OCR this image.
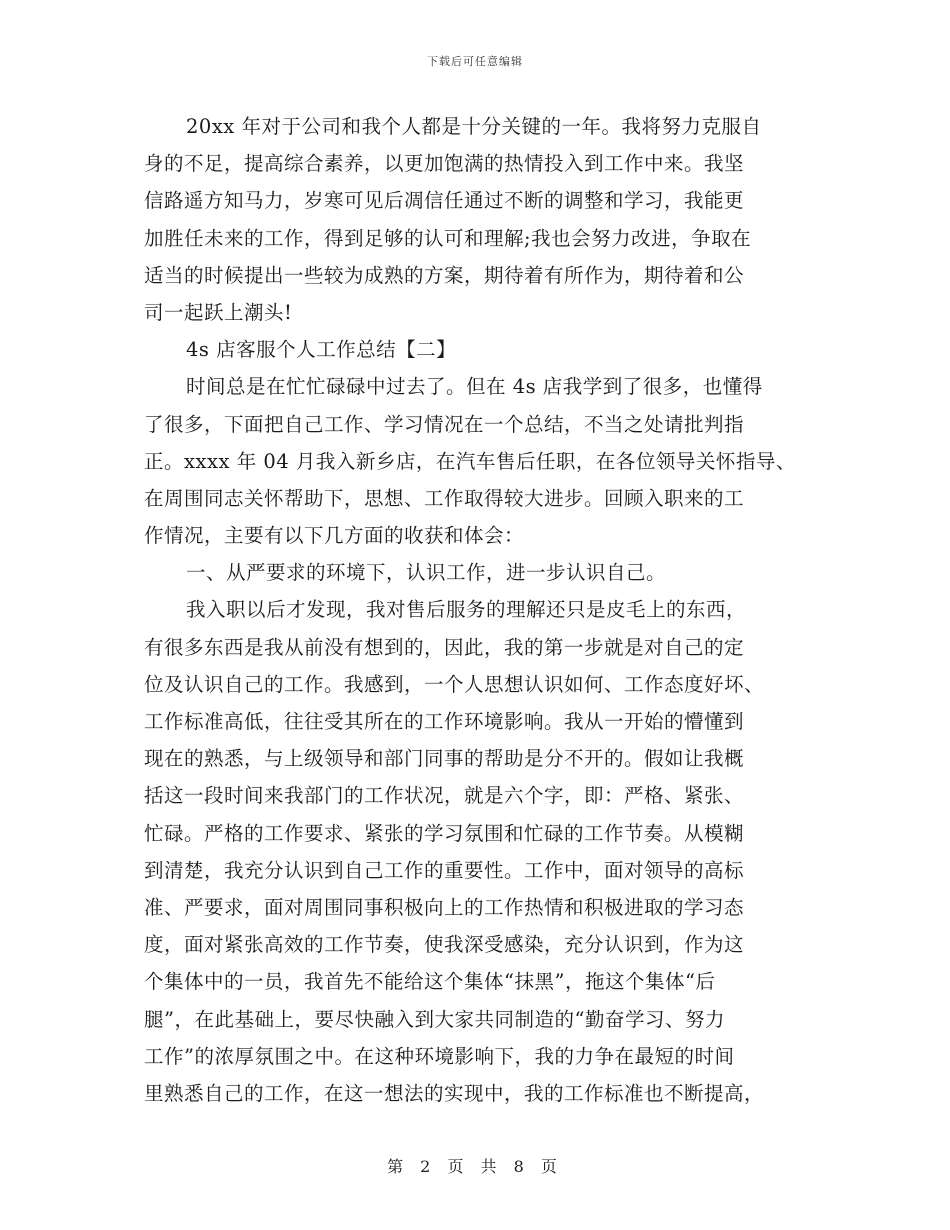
下载后可任意编辑
20xx 年对于公司和我个人都是十分关键的一年。我将努力克服自
身的不足，提高综合素养，以更加饱满的热情投入到工作中来。我坚
信路遥方知马力，岁寒可见后凋信任通过不断的调整和学习，我能更
加胜任未来的工作，得到足够的认可和理解;我也会努力改进，争取在
适当的时候提出一些较为成熟的方案，期待着有所作为，期待着和公
司一起跃上潮头!
4s 店客服个人工作总结【二】
时间总是在忙忙碌碌中过去了。但在 4s 店我学到了很多，也懂得
了很多，下面把自己工作、学习情况在一个总结，不当之处请批判指
正。xxxx 年 04 月我入新乡店，在汽车售后任职，在各位领导关怀指导、
在周围同志关怀帮助下，思想、工作取得较大进步。回顾入职来的工
作情况，主要有以下几方面的收获和体会：
一、从严要求的环境下，认识工作，进一步认识自己。
我入职以后才发现，我对售后服务的理解还只是皮毛上的东西，
有很多东西是我从前没有想到的，因此，我的第一步就是对自己的定
位及认识自己的工作。我感到，一个人思想认识如何、工作态度好坏、
工作标准高低，往往受其所在的工作环境影响。我从一开始的懵懂到
现在的熟悉，与上级领导和部门同事的帮助是分不开的。假如让我概
括这一段时间来我部门的工作状况，就是六个字，即：严格、紧张、
忙碌。严格的工作要求、紧张的学习氛围和忙碌的工作节奏。从模糊
到清楚，我充分认识到自己工作的重要性。工作中，面对领导的高标
准、严要求，面对周围同事积极向上的工作热情和积极进取的学习态
度，面对紧张高效的工作节奏，使我深受感染，充分认识到，作为这
个集体中的一员，我首先不能给这个集体“抹黑”，拖这个集体“后
腿”，在此基础上，要尽快融入到大家共同制造的“勤奋学习、努力
工作”的浓厚氛围之中。在这种环境影响下，我的力争在最短的时间
里熟悉自己的工作，在这一想法的实现中，我的工作标准也不断提高，
第 2 页 共 8 页
